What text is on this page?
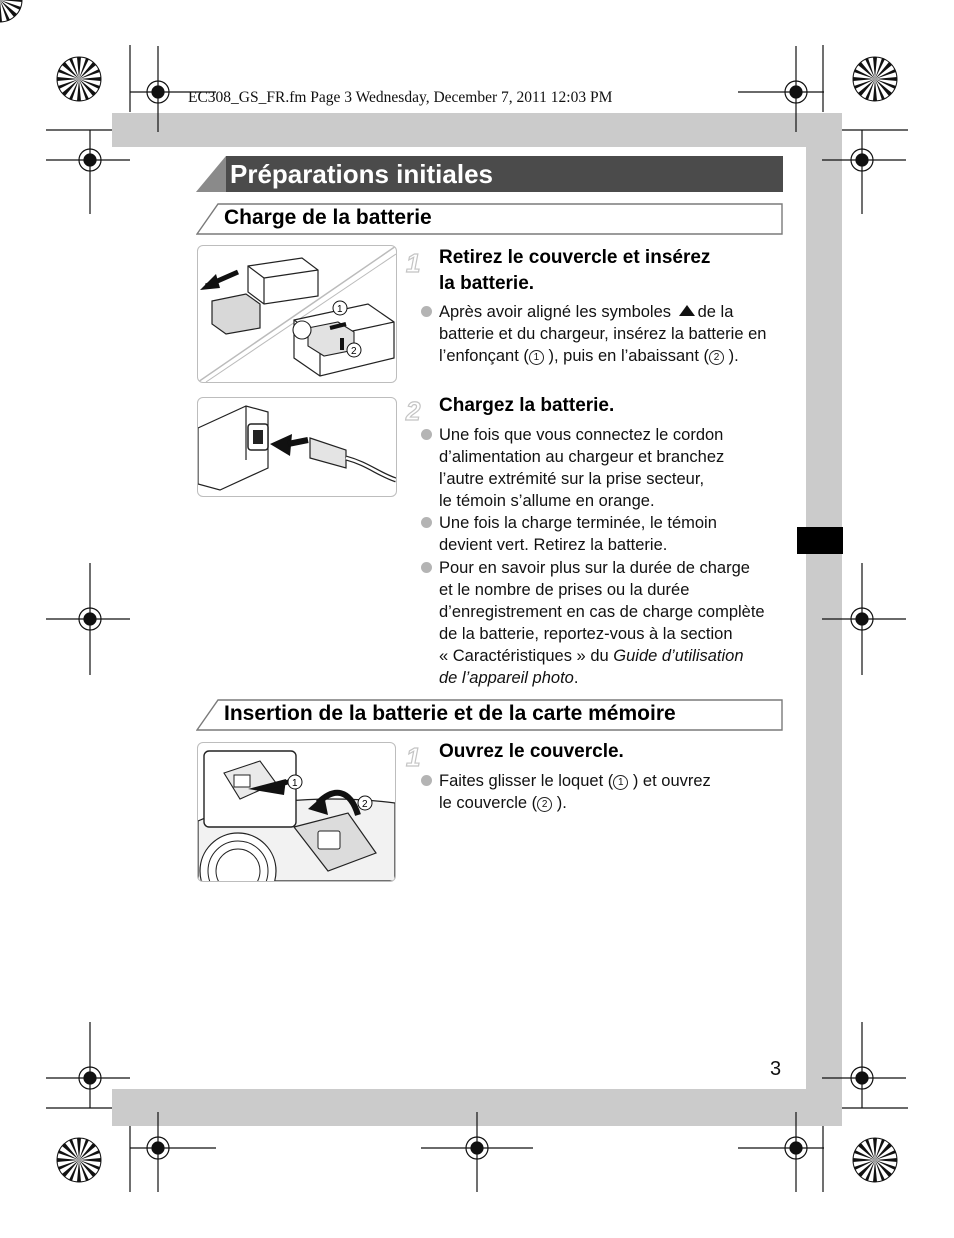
EC308_GS_FR.fm Page 3 Wednesday, December 7, 2011 12:03 PM
Préparations initiales
Charge de la batterie
1
2
1 Retirez le couvercle et insérez
la batterie.
Après avoir aligné les symboles de la
batterie et du chargeur, insérez la batterie en
l’enfonçant ( 1 ), puis en l’abaissant ( 2 ).
2 Chargez la batterie.
Une fois que vous connectez le cordon
d’alimentation au chargeur et branchez
l’autre extrémité sur la prise secteur,
le témoin s’allume en orange.
Une fois la charge terminée, le témoin
devient vert. Retirez la batterie.
Pour en savoir plus sur la durée de charge
et le nombre de prises ou la durée
d’enregistrement en cas de charge complète
de la batterie, reportez-vous à la section
« Caractéristiques » du Guide d’utilisation
de l’appareil photo.
Insertion de la batterie et de la carte mémoire
1
2
1 Ouvrez le couvercle.
Faites glisser le loquet ( 1 ) et ouvrez
le couvercle ( 2 ).
3
